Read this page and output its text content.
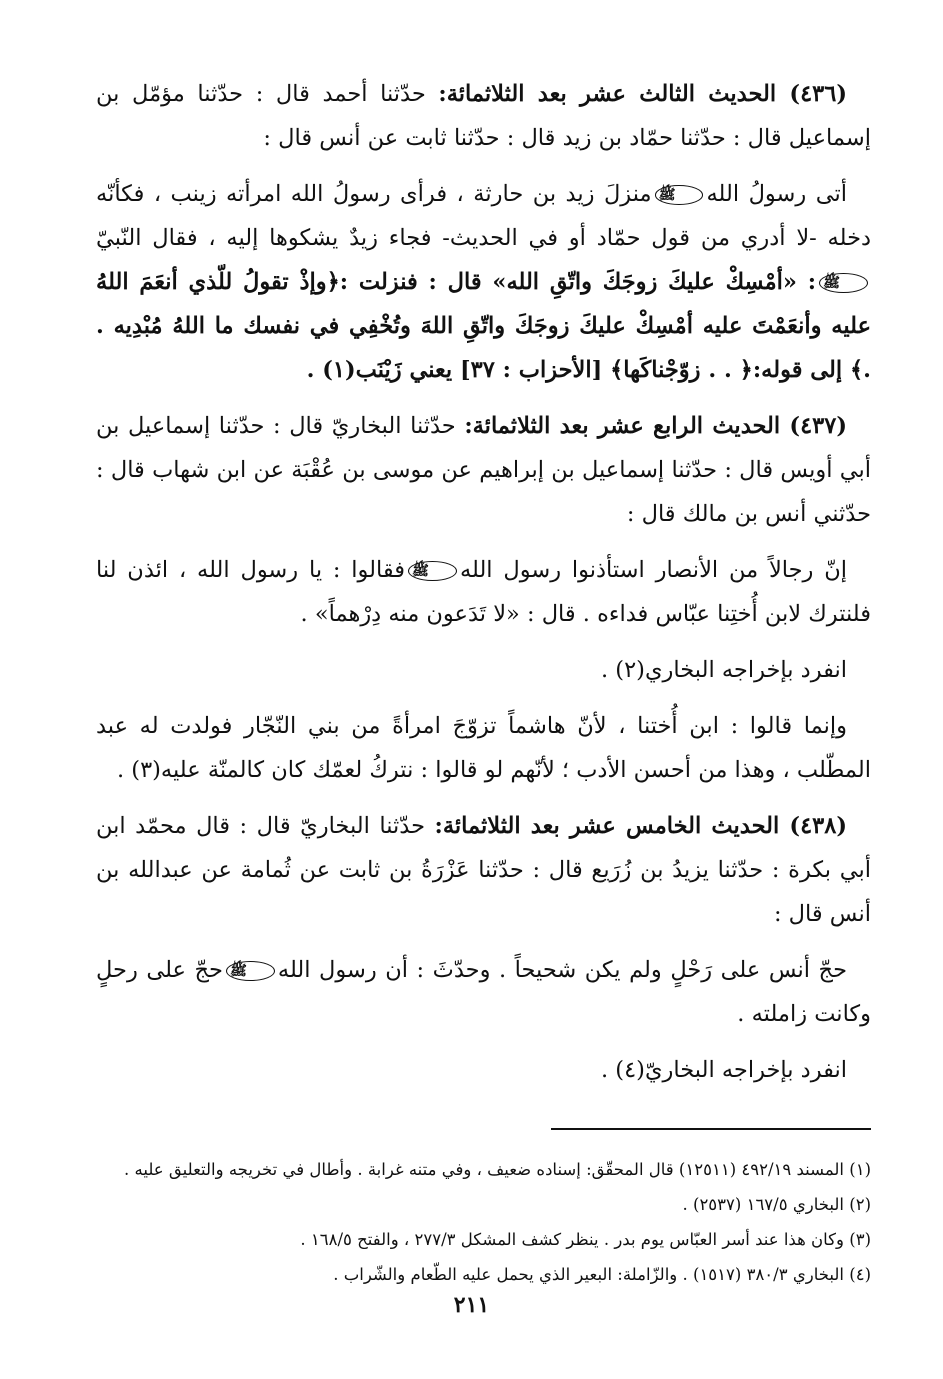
(٤٣٦) الحديث الثالث عشر بعد الثلاثمائة: حدّثنا أحمد قال : حدّثنا مؤمّل بن إسماعيل قال : حدّثنا حمّاد بن زيد قال : حدّثنا ثابت عن أنس قال :

أتى رسولُ اللهﷺمنزلَ زيد بن حارثة ، فرأى رسولُ الله امرأته زينب ، فكأنّه دخله -لا أدري من قول حمّاد أو في الحديث- فجاء زيدٌ يشكوها إليه ، فقال النّبيّﷺ: «أمْسِكْ عليكَ زوجَكَ واتّقِ الله» قال : فنزلت :﴿وإذْ تقولُ للّذي أنعَمَ اللهُ عليه وأنعَمْتَ عليه أمْسِكْ عليكَ زوجَكَ واتّقِ اللهَ وتُخْفِي في نفسك ما اللهُ مُبْدِيه . .﴾ إلى قوله:﴿ . . زوّجْناكَها﴾ [الأحزاب : ٣٧] يعني زَيْنَب(١) .

(٤٣٧) الحديث الرابع عشر بعد الثلاثمائة: حدّثنا البخاريّ قال : حدّثنا إسماعيل بن أبي أويس قال : حدّثنا إسماعيل بن إبراهيم عن موسى بن عُقْبَة عن ابن شهاب قال : حدّثني أنس بن مالك قال :

إنّ رجالاً من الأنصار استأذنوا رسول اللهﷺفقالوا : يا رسول الله ، ائذن لنا فلنترك لابن أُختِنا عبّاس فداءه . قال : «لا تَدَعون منه دِرْهماً» .

انفرد بإخراجه البخاري(٢) .

وإنما قالوا : ابن أُختنا ، لأنّ هاشماً تزوّجَ امرأةً من بني النّجّار فولدت له عبد المطّلب ، وهذا من أحسن الأدب ؛ لأنّهم لو قالوا : نتركُ لعمّك كان كالمنّة عليه(٣) .

(٤٣٨) الحديث الخامس عشر بعد الثلاثمائة: حدّثنا البخاريّ قال : قال محمّد ابن أبي بكرة : حدّثنا يزيدُ بن زُرَيع قال : حدّثنا عَزْرَةُ بن ثابت عن ثُمامة عن عبدالله بن أنس قال :

حجّ أنس على رَحْلٍ ولم يكن شحيحاً . وحدّثَ : أن رسول اللهﷺحجّ على رحلٍ وكانت زاملته .

انفرد بإخراجه البخاريّ(٤) .

(١) المسند ٤٩٢/١٩ (١٢٥١١) قال المحقّق: إسناده ضعيف ، وفي متنه غرابة . وأطال في تخريجه والتعليق عليه .

(٢) البخاري ١٦٧/٥ (٢٥٣٧) .

(٣) وكان هذا عند أسر العبّاس يوم بدر . ينظر كشف المشكل ٢٧٧/٣ ، والفتح ١٦٨/٥ .

(٤) البخاري ٣٨٠/٣ (١٥١٧) . والزّاملة: البعير الذي يحمل عليه الطّعام والشّراب .

٢١١
